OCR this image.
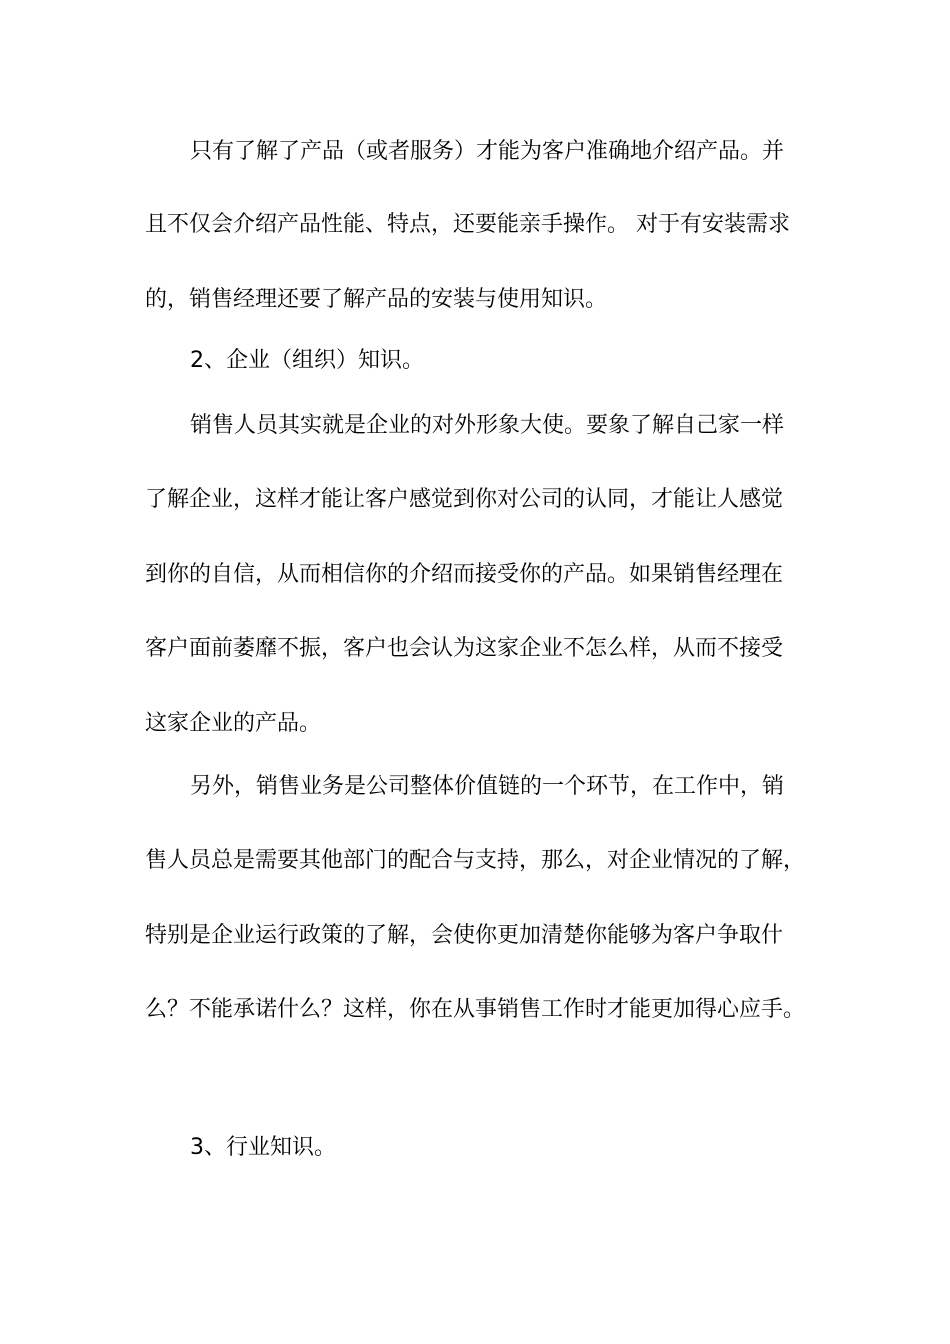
只有了解了产品（或者服务）才能为客户准确地介绍产品。并
且不仅会介绍产品性能、特点，还要能亲手操作。 对于有安装需求
的，销售经理还要了解产品的安装与使用知识。
2、企业（组织）知识。
销售人员其实就是企业的对外形象大使。要象了解自己家一样
了解企业，这样才能让客户感觉到你对公司的认同，才能让人感觉
到你的自信，从而相信你的介绍而接受你的产品。如果销售经理在
客户面前萎靡不振，客户也会认为这家企业不怎么样，从而不接受
这家企业的产品。
另外，销售业务是公司整体价值链的一个环节，在工作中，销
售人员总是需要其他部门的配合与支持，那么，对企业情况的了解，
特别是企业运行政策的了解，会使你更加清楚你能够为客户争取什
么？不能承诺什么？这样，你在从事销售工作时才能更加得心应手。
3、行业知识。
